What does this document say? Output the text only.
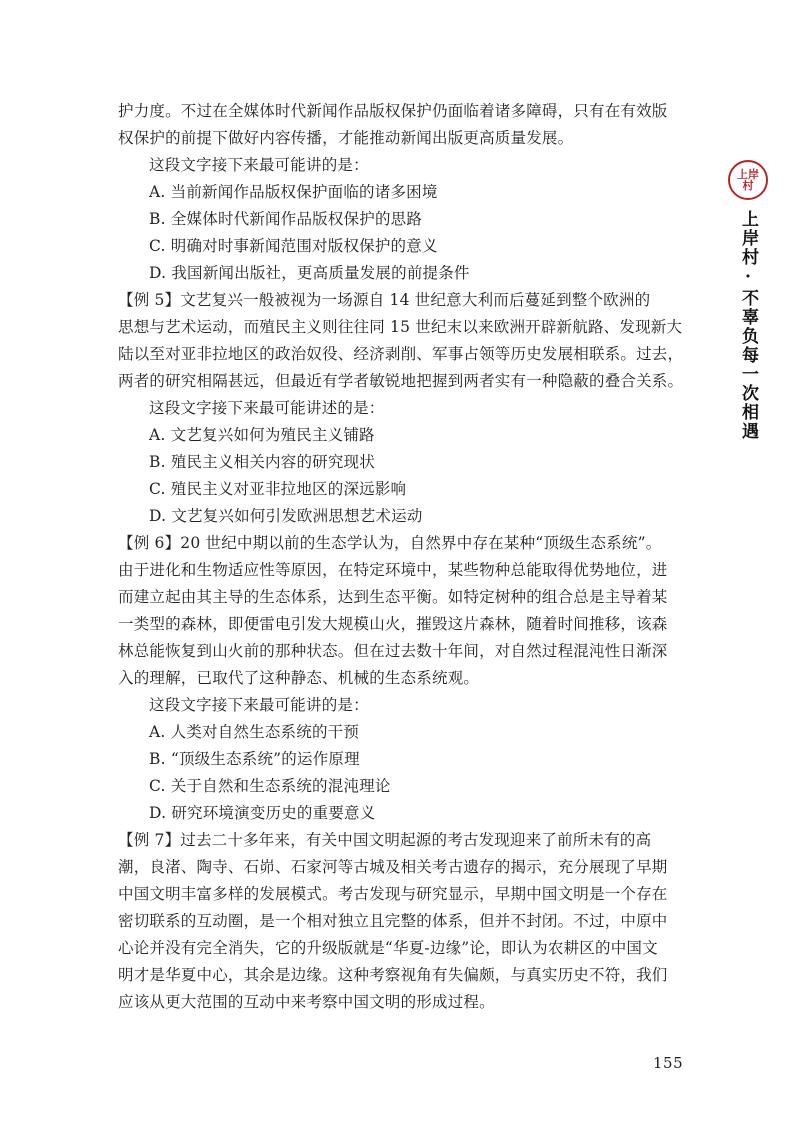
护力度。不过在全媒体时代新闻作品版权保护仍面临着诸多障碍，只有在有效版
权保护的前提下做好内容传播，才能推动新闻出版更高质量发展。
这段文字接下来最可能讲的是：
A. 当前新闻作品版权保护面临的诸多困境
B. 全媒体时代新闻作品版权保护的思路
C. 明确对时事新闻范围对版权保护的意义
D. 我国新闻出版社，更高质量发展的前提条件
【例 5】文艺复兴一般被视为一场源自 14 世纪意大利而后蔓延到整个欧洲的
思想与艺术运动，而殖民主义则往往同 15 世纪末以来欧洲开辟新航路、发现新大
陆以至对亚非拉地区的政治奴役、经济剥削、军事占领等历史发展相联系。过去，
两者的研究相隔甚远，但最近有学者敏锐地把握到两者实有一种隐蔽的叠合关系。
这段文字接下来最可能讲述的是：
A. 文艺复兴如何为殖民主义铺路
B. 殖民主义相关内容的研究现状
C. 殖民主义对亚非拉地区的深远影响
D. 文艺复兴如何引发欧洲思想艺术运动
【例 6】20 世纪中期以前的生态学认为，自然界中存在某种“顶级生态系统”。
由于进化和生物适应性等原因，在特定环境中，某些物种总能取得优势地位，进
而建立起由其主导的生态体系，达到生态平衡。如特定树种的组合总是主导着某
一类型的森林，即便雷电引发大规模山火，摧毁这片森林，随着时间推移，该森
林总能恢复到山火前的那种状态。但在过去数十年间，对自然过程混沌性日渐深
入的理解，已取代了这种静态、机械的生态系统观。
这段文字接下来最可能讲的是：
A. 人类对自然生态系统的干预
B. “顶级生态系统”的运作原理
C. 关于自然和生态系统的混沌理论
D. 研究环境演变历史的重要意义
【例 7】过去二十多年来，有关中国文明起源的考古发现迎来了前所未有的高
潮，良渚、陶寺、石峁、石家河等古城及相关考古遗存的揭示，充分展现了早期
中国文明丰富多样的发展模式。考古发现与研究显示，早期中国文明是一个存在
密切联系的互动圈，是一个相对独立且完整的体系，但并不封闭。不过，中原中
心论并没有完全消失，它的升级版就是“华夏-边缘”论，即认为农耕区的中国文
明才是华夏中心，其余是边缘。这种考察视角有失偏颇，与真实历史不符，我们
应该从更大范围的互动中来考察中国文明的形成过程。
155
上岸
村
上岸村·不辜负每一次相遇
